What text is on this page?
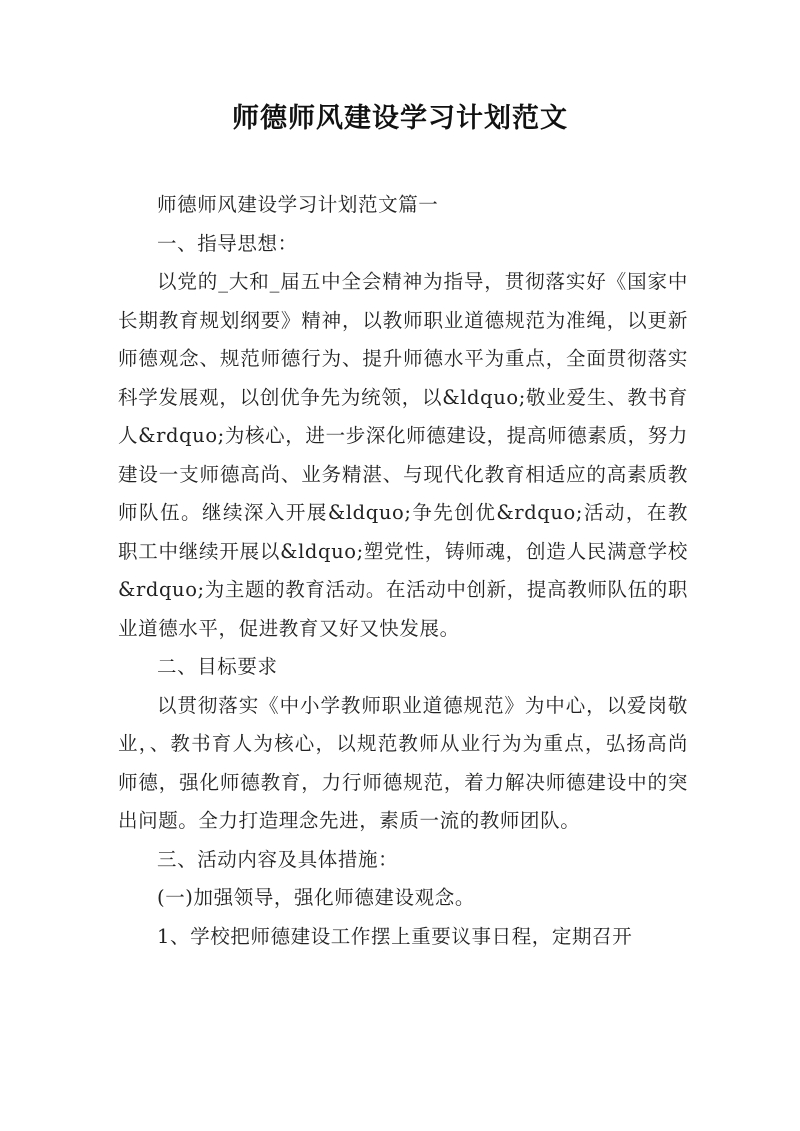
师德师风建设学习计划范文

师德师风建设学习计划范文篇一

一、指导思想：

以党的_大和_届五中全会精神为指导，贯彻落实好《国家中长期教育规划纲要》精神，以教师职业道德规范为准绳，以更新师德观念、规范师德行为、提升师德水平为重点，全面贯彻落实科学发展观，以创优争先为统领，以&ldquo;敬业爱生、教书育人&rdquo;为核心，进一步深化师德建设，提高师德素质，努力建设一支师德高尚、业务精湛、与现代化教育相适应的高素质教师队伍。继续深入开展&ldquo;争先创优&rdquo;活动，在教职工中继续开展以&ldquo;塑党性，铸师魂，创造人民满意学校&rdquo;为主题的教育活动。在活动中创新，提高教师队伍的职业道德水平，促进教育又好又快发展。

二、目标要求

以贯彻落实《中小学教师职业道德规范》为中心，以爱岗敬业，、教书育人为核心，以规范教师从业行为为重点，弘扬高尚师德，强化师德教育，力行师德规范，着力解决师德建设中的突出问题。全力打造理念先进，素质一流的教师团队。

三、活动内容及具体措施：

(一)加强领导，强化师德建设观念。

1、学校把师德建设工作摆上重要议事日程，定期召开
